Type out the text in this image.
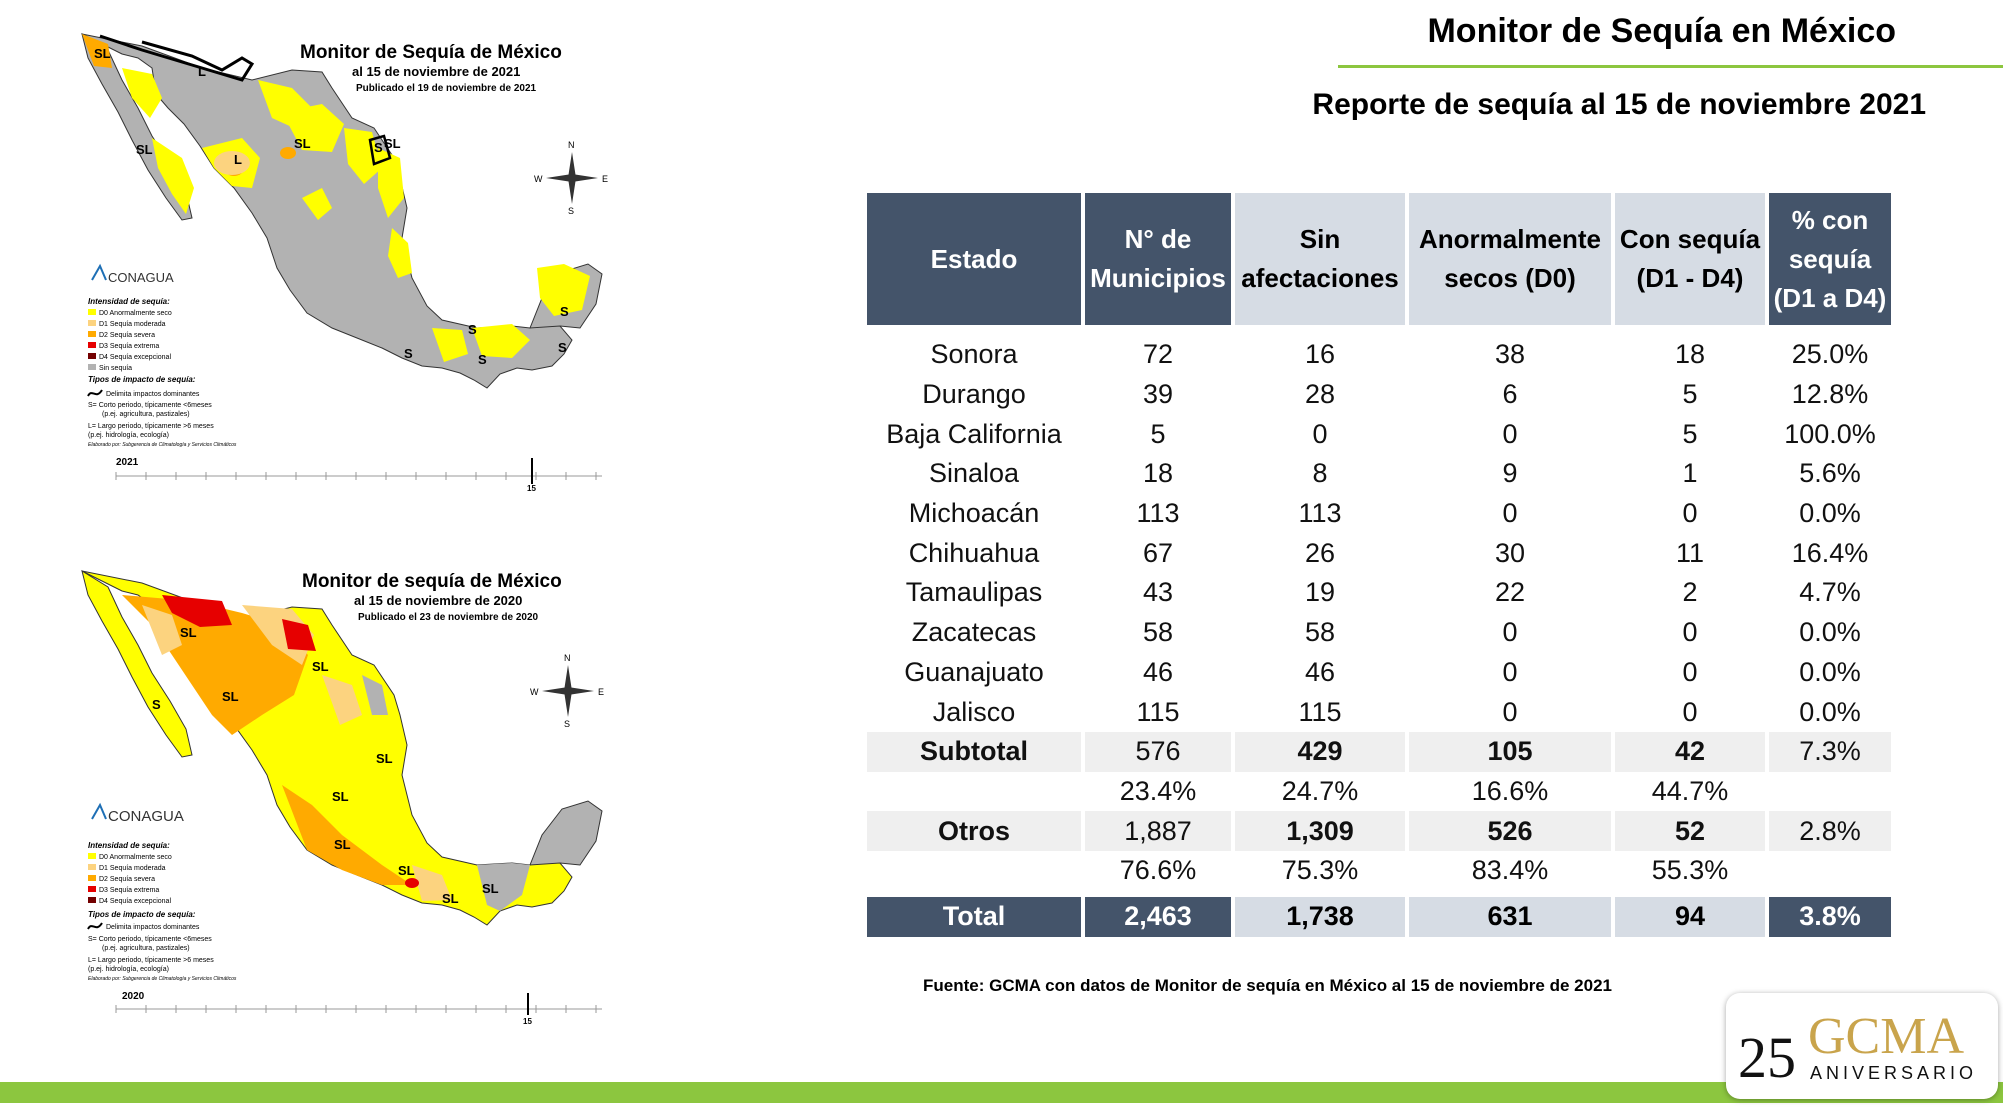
Monitor de Sequía en México

Reporte de sequía al 15 de noviembre 2021

N
S
E
W
SL
SL
L
SL
L
SL
S
S
S
S
S
S
Monitor de Sequía de México
al 15 de noviembre de 2021
Publicado el 19 de noviembre de 2021
CONAGUA
Intensidad de sequía:
D0 Anormalmente seco
D1 Sequía moderada
D2 Sequía severa
D3 Sequía extrema
D4 Sequía excepcional
Sin sequía
Tipos de impacto de sequía:
Delimita impactos dominantes
S= Corto periodo, típicamente <6meses
(p.ej. agricultura, pastizales)
L= Largo periodo, típicamente >6 meses
(p.ej. hidrología, ecología)
Elaborado por: Subgerencia de Climatología y Servicios Climáticos
2021
15
SL
SL
S
SL
SL
SL
SL
SL
SL
SL
N
S
E
W
Monitor de sequía de México
al 15 de noviembre de 2020
Publicado el 23 de noviembre de 2020
CONAGUA
Intensidad de sequía:
D0 Anormalmente seco
D1 Sequía moderada
D2 Sequía severa
D3 Sequía extrema
D4 Sequía excepcional
Tipos de impacto de sequía:
Delimita impactos dominantes
S= Corto periodo, típicamente <6meses
(p.ej. agricultura, pastizales)
L= Largo periodo, típicamente >6 meses
(p.ej. hidrología, ecología)
Elaborado por: Subgerencia de Climatología y Servicios Climáticos
2020
15
Estado	N° de Municipios	Sin afectaciones	Anormalmente secos (D0)	Con sequía (D1 - D4)	% con sequía (D1 a D4)
Sonora	72	16	38	18	25.0%
Durango	39	28	6	5	12.8%
Baja California	5	0	0	5	100.0%
Sinaloa	18	8	9	1	5.6%
Michoacán	113	113	0	0	0.0%
Chihuahua	67	26	30	11	16.4%
Tamaulipas	43	19	22	2	4.7%
Zacatecas	58	58	0	0	0.0%
Guanajuato	46	46	0	0	0.0%
Jalisco	115	115	0	0	0.0%
Subtotal	576	429	105	42	7.3%
	23.4%	24.7%	16.6%	44.7%	
Otros	1,887	1,309	526	52	2.8%
	76.6%	75.3%	83.4%	55.3%	

Total	2,463	1,738	631	94	3.8%

Fuente: GCMA con datos de Monitor de sequía en México al 15 de noviembre de 2021

25 GCMA
ANIVERSARIO
